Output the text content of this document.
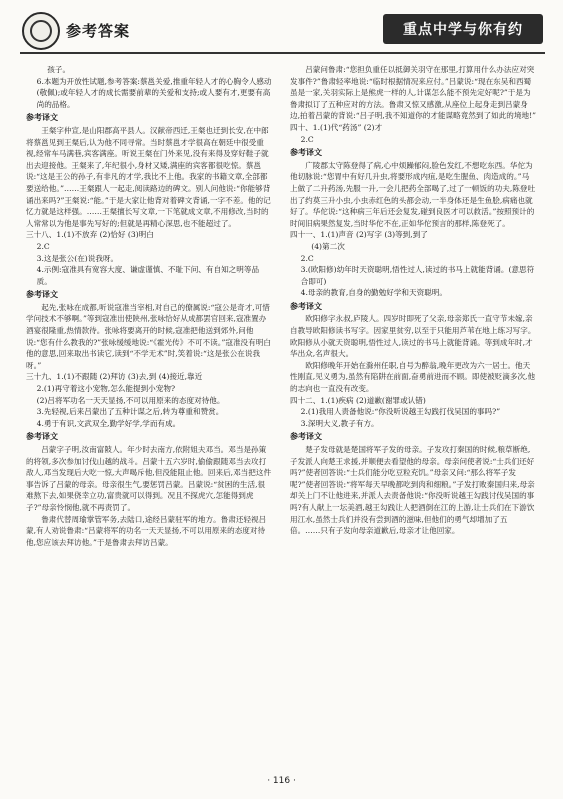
参考答案	重点中学与你有约

孩子。

6.本题为开放性试题,参考答案:蔡邕关爱,推重年轻人才的心胸令人感动(敬佩);或年轻人才的成长需要前辈的关爱和支持;或人要有才,更要有高尚的品格。

参考译文

王粲字仲宣,是山阳郡高平县人。汉献帝西迁,王粲也迁到长安,在中郎将蔡邕见到王粲后,认为他不同寻常。当时蔡邕才学很高在朝廷中很受重视,经常车马满巷,宾客满座。听说王粲在门外来见,没有来得及穿好鞋子就出去迎接他。王粲来了,年纪很小,身材又矮,满座的宾客都很吃惊。蔡邕说:“这是王公的孙子,有非凡的才学,我比不上他。我家的书籍文章,全部都要送给他。”……王粲跟人一起走,阅读路边的碑文。别人问他说:“你能够背诵出来吗?”王粲说:“能。”于是大家让他背对着碑文背诵,一字不差。他的记忆力就是这样强。……王粲擅长写文章,一下笔就成文章,不用修改,当时的人常常以为他是事先写好的;但就是再精心深思,也不能超过了。

三十八、1.(1)不放弃 (2)恰好 (3)明白

2.C

3.这是张公(在)说我呀。

4.示例:寇准具有宽容大度、谦虚谨慎、不耻下问、有自知之明等品质。

参考译文

起先,张咏在成都,听说寇准当宰相,对自己的僚属说:“寇公是奇才,可惜学问技术不够啊。”等到寇准出使陕州,张咏恰好从成都罢官回来,寇准置办酒宴很隆重,热情款待。张咏将要离开的时候,寇准把他送到郊外,问他说:“您有什么教我的?”张咏缓缓地说:“《霍光传》不可不读。”寇准没有明白他的意思,回来取出书读它,读到“不学无术”时,笑着说:“这是张公在说我呀。”

三十九、1.(1)不跟随 (2)拜访 (3)去,到 (4)接近,靠近

2.(1)再守着这小宠物,怎么能提到小宠物?

(2)吕将军功名一天天显扬,不可以用原来的态度对待他。

3.先轻视,后来吕蒙出了五种计谋之后,转为尊重和赞赏。

4.勇于有识,文武双全,勤学好学,学而有成。

参考译文

吕蒙字子明,汝南富陂人。年少时去南方,依附姐夫邓当。邓当是孙策的将领,多次参加讨伐山越的战斗。吕蒙十五六岁时,偷偷跟随邓当去攻打敌人,邓当发现后大吃一惊,大声喝斥他,但没能阻止他。回来后,邓当把这件事告诉了吕蒙的母亲。母亲很生气,要惩罚吕蒙。吕蒙说:“贫困的生活,很难熬下去,如果侥幸立功,富贵就可以得到。况且不探虎穴,怎能得到虎子?”母亲怜悯他,就不再责罚了。

鲁肃代替周瑜掌管军务,去陆口,途经吕蒙驻军的地方。鲁肃还轻视吕蒙,有人劝说鲁肃:“吕蒙将军的功名一天天显扬,不可以用原来的态度对待他,您应该去拜访他。”于是鲁肃去拜访吕蒙。

吕蒙问鲁肃:“您担负重任以抵御关羽守在那里,打算用什么办法应对突发事件?”鲁肃轻率地说:“临时根据情况来应付。”吕蒙说:“现在东吴和西蜀虽是一家,关羽实际上是熊虎一样的人,计谋怎么能不预先定好呢?”于是为鲁肃拟订了五种应对的方法。鲁肃又惊又感激,从座位上起身走到吕蒙身边,拍着吕蒙的背说:“吕子明,我不知道你的才能谋略竟然到了如此的境地!”

四十、1.(1)代“药汤” (2)才

2.C

参考译文

广陵郡太守陈登得了病,心中烦躁郁闷,脸色发红,不想吃东西。华佗为他切脉说:“您胃中有好几升虫,将要形成内疽,是吃生腥鱼、肉造成的。”马上做了二升药汤,先服一升,一会儿把药全部喝了,过了一顿饭的功夫,陈登吐出了约莫三升小虫,小虫赤红色的头都会动,一半身体还是生鱼脍,病痛也就好了。华佗说:“这种病三年后还会复发,碰到良医才可以救活。”按照预计的时间旧病果然复发,当时华佗不在,正如华佗预言的那样,陈登死了。

四十一、1.(1)声音 (2)写字 (3)等到,到了

(4)第二次

2.C

3.(欧阳修)幼年时天资聪明,悟性过人,读过的书马上就能背诵。(意思符合即可)

4.母亲的教育,自身的勤勉好学和天资聪明。

参考译文

欧阳修字永叔,庐陵人。四岁时即死了父亲,母亲郑氏一直守节未嫁,亲自教导欧阳修读书写字。因家里贫穷,以至于只能用芦苇在地上练习写字。欧阳修从小就天资聪明,悟性过人,读过的书马上就能背诵。等到成年时,才华出众,名声很大。

欧阳修晚年开始在滁州任职,自号为醉翁,晚年更改为六一居士。他天性刚直,见义勇为,虽然有陷阱在前面,奋勇前进而不顾。即使被贬滴多次,他的志向也一直没有改变。

四十二、1.(1)疾病 (2)道歉(谢罪或认错)

2.(1)我用人责备他说:“你没听说越王勾践打伐吴国的事吗?”

3.深明大义,教子有方。

参考译文

楚子发母就是楚国将军子发的母亲。子发攻打秦国的时候,粮草断绝,子发派人向楚王求援,并顺便去看望他的母亲。母亲问使者说:“士兵们还好吗?”使者回答说:“士兵们能分吃豆粒充饥。”母亲又问:“那么将军子发呢?”使者回答说:“将军每天早晚都吃到肉和细粮。”子发打败秦国归来,母亲却关上门不让他进来,并派人去责备他说:“你没听说越王勾践讨伐吴国的事吗?有人献上一坛美酒,越王勾践让人把酒倒在江的上游,让士兵们在下游饮用江水,虽然士兵们并没有尝到酒的滋味,但他们的勇气却增加了五倍。……只有子发向母亲道歉后,母亲才让他回家。

· 116 ·
